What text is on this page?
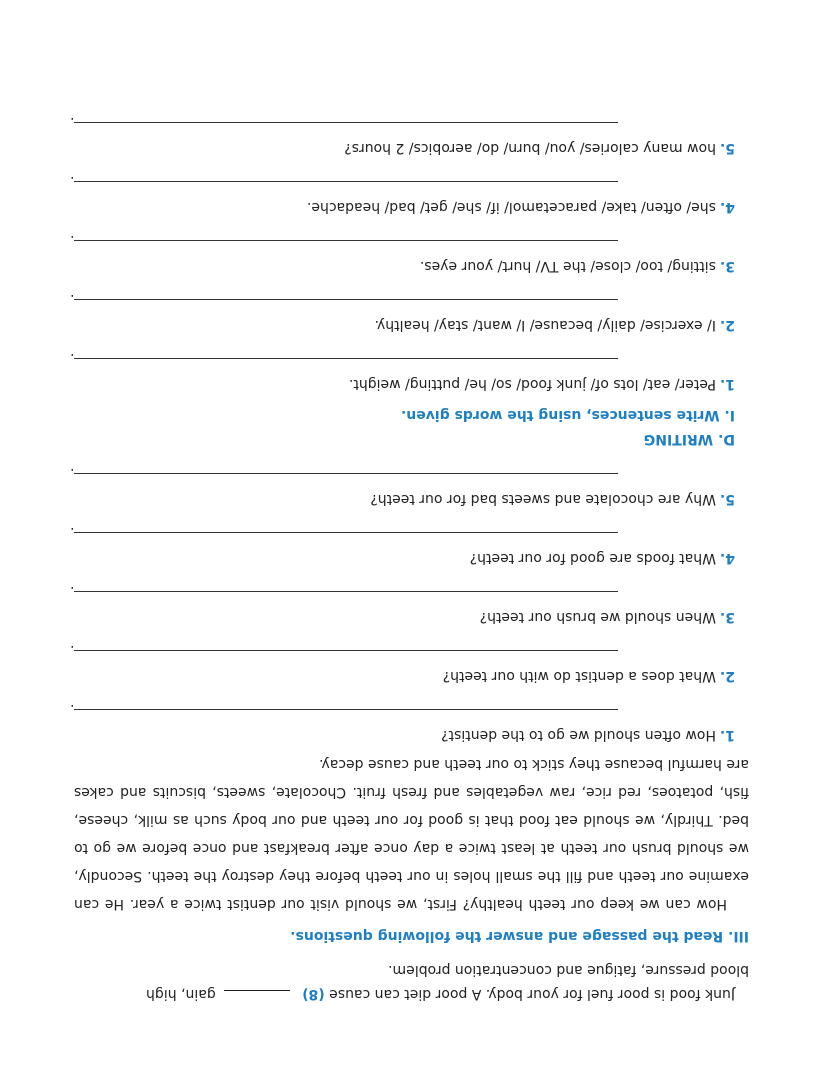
Junk food is poor fuel for your body. A poor diet can cause (8) gain, high

blood pressure, fatigue and concentration problem.

III. Read the passage and answer the following questions.

How can we keep our teeth healthy? First, we should visit our dentist twice a year. He can examine our teeth and fill the small holes in our teeth before they destroy the teeth. Secondly, we should brush our teeth at least twice a day once after breakfast and once before we go to bed. Thirdly, we should eat food that is good for our teeth and our body such as milk, cheese, fish, potatoes, red rice, raw vegetables and fresh fruit. Chocolate, sweets, biscuits and cakes are harmful because they stick to our teeth and cause decay.

1.How often should we go to the dentist?

.

2.What does a dentist do with our teeth?

.

3.When should we brush our teeth?

.

4.What foods are good for our teeth?

.

5.Why are chocolate and sweets bad for our teeth?

.

D. WRITING

I. Write sentences, using the words given.

1.Peter/ eat/ lots of/ junk food/ so/ he/ putting/ weight.

.

2.I/ exercise/ daily/ because/ I/ want/ stay/ healthy.

.

3.sitting/ too/ close/ the TV/ hurt/ your eyes.

.

4.she/ often/ take/ paracetamol/ if/ she/ get/ bad/ headache.

.

5.how many calories/ you/ burn/ do/ aerobics/ 2 hours?

.
